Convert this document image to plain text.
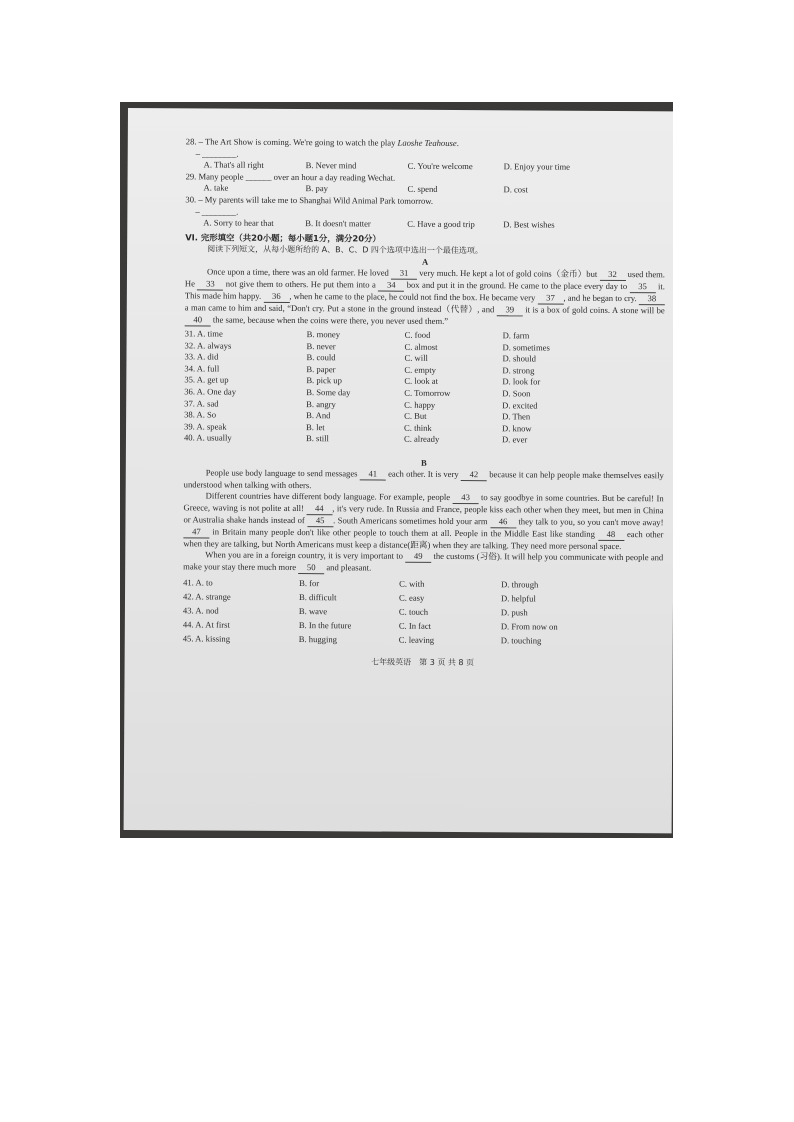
28. – The Art Show is coming. We're going to watch the play Laoshe Teahouse.
– ________.
A. That's all right	B. Never mind	C. You're welcome	D. Enjoy your time
29. Many people ______ over an hour a day reading Wechat.
A. take	B. pay	C. spend	D. cost
30. – My parents will take me to Shanghai Wild Animal Park tomorrow.
– ________.
A. Sorry to hear that	B. It doesn't matter	C. Have a good trip	D. Best wishes
VI. 完形填空（共20小题；每小题1分，满分20分）
阅读下列短文，从每小题所给的 A、B、C、D 四个选项中选出一个最佳选项。
A

Once upon a time, there was an old farmer. He loved 31 very much. He kept a lot of gold coins（金币）but 32 used them. He 33 not give them to others. He put them into a 34 box and put it in the ground. He came to the place every day to 35 it. This made him happy. 36 , when he came to the place, he could not find the box. He became very 37 , and he began to cry. 38 a man came to him and said, “Don't cry. Put a stone in the ground instead（代替）, and 39 it is a box of gold coins. A stone will be 40 the same, because when the coins were there, you never used them.”

31. A. time	B. money	C. food	D. farm
32. A. always	B. never	C. almost	D. sometimes
33. A. did	B. could	C. will	D. should
34. A. full	B. paper	C. empty	D. strong
35. A. get up	B. pick up	C. look at	D. look for
36. A. One day	B. Some day	C. Tomorrow	D. Soon
37. A. sad	B. angry	C. happy	D. excited
38. A. So	B. And	C. But	D. Then
39. A. speak	B. let	C. think	D. know
40. A. usually	B. still	C. already	D. ever
B

People use body language to send messages 41 each other. It is very 42 because it can help people make themselves easily understood when talking with others.

Different countries have different body language. For example, people 43 to say goodbye in some countries. But be careful! In Greece, waving is not polite at all! 44 , it's very rude. In Russia and France, people kiss each other when they meet, but men in China or Australia shake hands instead of 45 . South Americans sometimes hold your arm 46 they talk to you, so you can't move away! 47 in Britain many people don't like other people to touch them at all. People in the Middle East like standing 48 each other when they are talking, but North Americans must keep a distance(距离) when they are talking. They need more personal space.

When you are in a foreign country, it is very important to 49 the customs (习俗). It will help you communicate with people and make your stay there much more 50 and pleasant.

41. A. to	B. for	C. with	D. through
42. A. strange	B. difficult	C. easy	D. helpful
43. A. nod	B. wave	C. touch	D. push
44. A. At first	B. In the future	C. In fact	D. From now on
45. A. kissing	B. hugging	C. leaving	D. touching
七年级英语　第 3 页 共 8 页
